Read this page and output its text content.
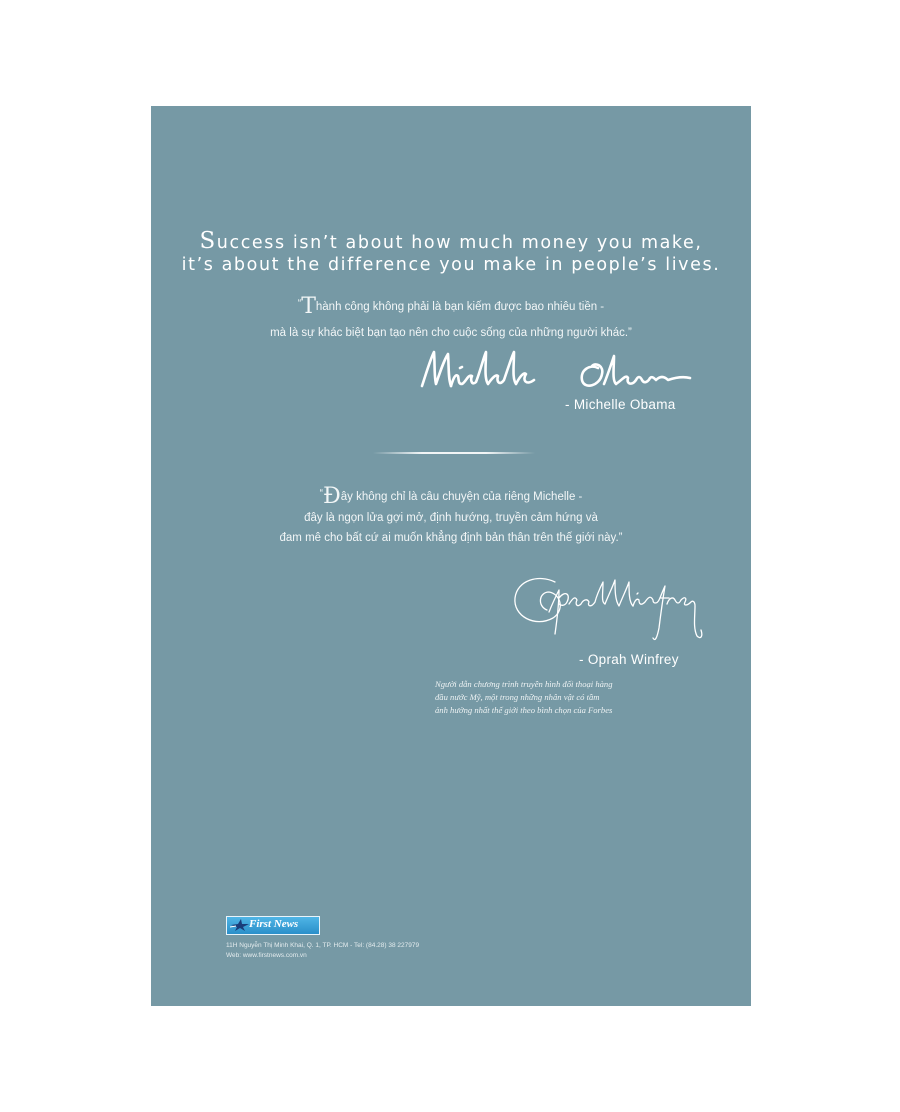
Success isn’t about how much money you make,
it’s about the difference you make in people’s lives.
“Thành công không phải là bạn kiếm được bao nhiêu tiền -
mà là sự khác biệt bạn tạo nên cho cuộc sống của những người khác.”
- Michelle Obama
“Đây không chỉ là câu chuyện của riêng Michelle -
đây là ngọn lửa gợi mở, định hướng, truyền cảm hứng và
đam mê cho bất cứ ai muốn khẳng định bản thân trên thế giới này.”
- Oprah Winfrey
Người dẫn chương trình truyền hình đối thoại hàng
đầu nước Mỹ, một trong những nhân vật có tầm
ảnh hưởng nhất thế giới theo bình chọn của Forbes
First News
11H Nguyễn Thị Minh Khai, Q. 1, TP. HCM - Tel: (84.28) 38 227979
Web: www.firstnews.com.vn
